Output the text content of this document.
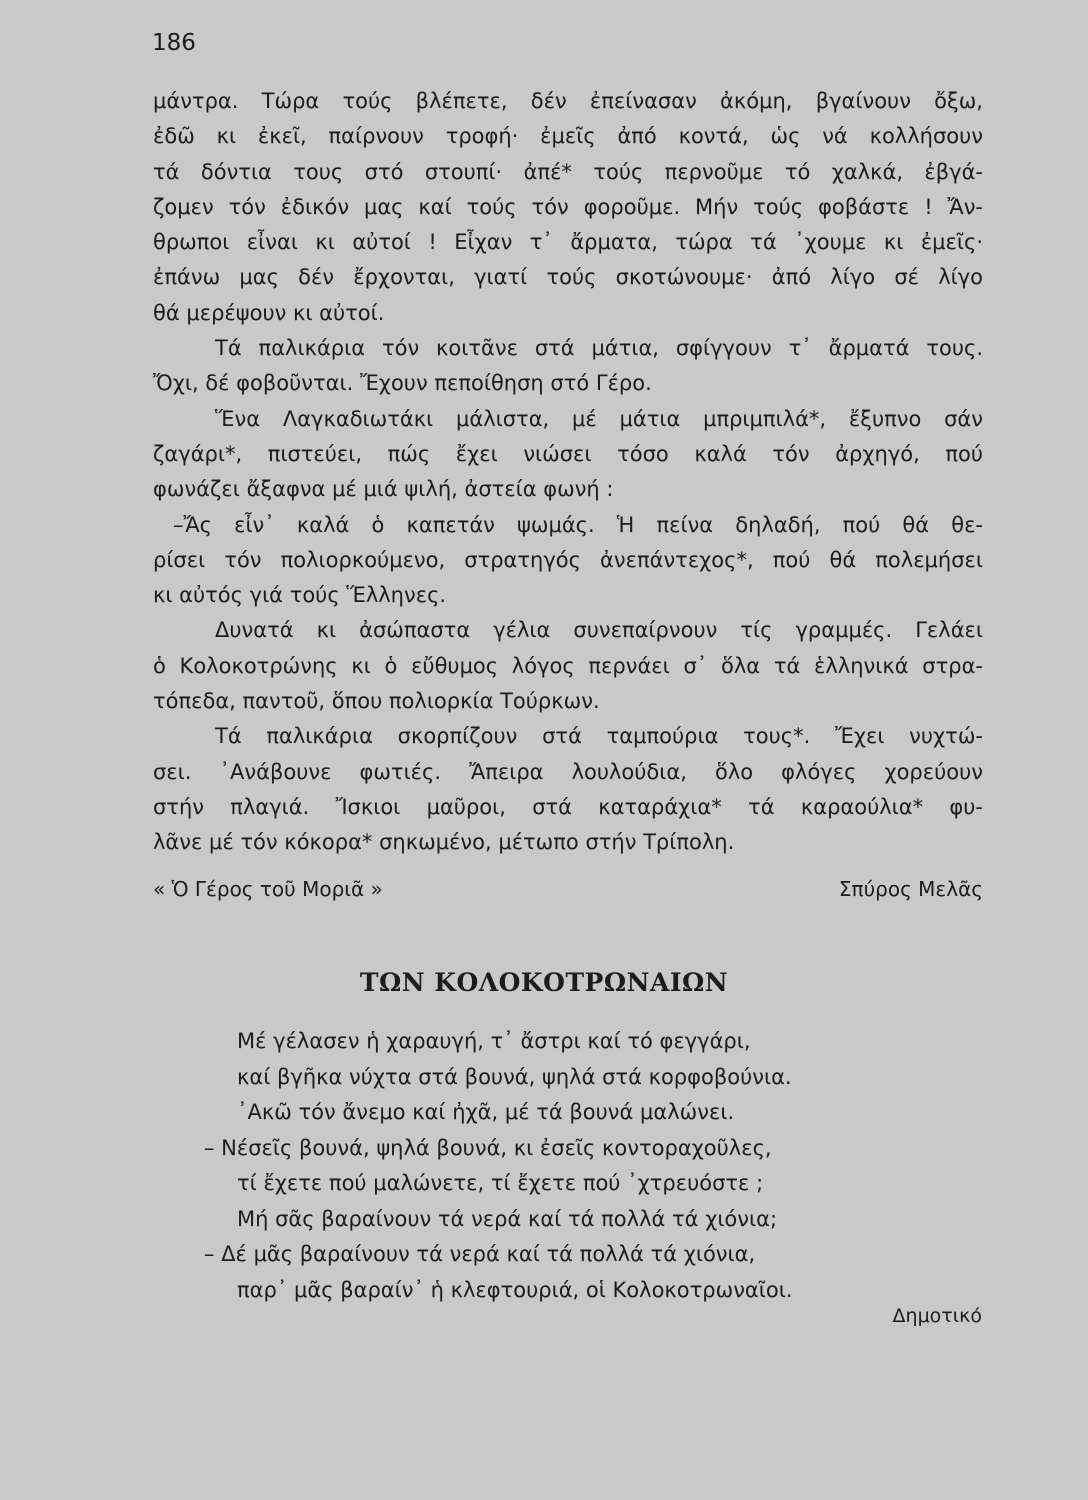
186
μάντρα. Τώρα τούς βλέπετε, δέν ἐπείνασαν ἀκόμη, βγαίνουν ὄξω,
ἐδῶ κι ἐκεῖ, παίρνουν τροφή· ἐμεῖς ἀπό κοντά, ὡς νά κολλήσουν
τά δόντια τους στό στουπί· ἀπέ* τούς περνοῦμε τό χαλκά, ἐβγά-
ζομεν τόν ἐδικόν μας καί τούς τόν φοροῦμε. Μήν τούς φοβάστε ! Ἄν-
θρωποι εἶναι κι αὐτοί ! Εἶχαν τ᾿ ἄρματα, τώρα τά ᾿χουμε κι ἐμεῖς·
ἐπάνω μας δέν ἔρχονται, γιατί τούς σκοτώνουμε· ἀπό λίγο σέ λίγο
θά μερέψουν κι αὐτοί.
Τά παλικάρια τόν κοιτᾶνε στά μάτια, σφίγγουν τ᾿ ἄρματά τους.
Ὄχι, δέ φοβοῦνται. Ἔχουν πεποίθηση στό Γέρο.
Ἕνα Λαγκαδιωτάκι μάλιστα, μέ μάτια μπριμπιλά*, ἔξυπνο σάν
ζαγάρι*, πιστεύει, πώς ἔχει νιώσει τόσο καλά τόν ἀρχηγό, πού
φωνάζει ἄξαφνα μέ μιά ψιλή, ἀστεία φωνή :
–Ἄς εἶν᾿ καλά ὁ καπετάν ψωμάς. Ἡ πείνα δηλαδή, πού θά θε-
ρίσει τόν πολιορκούμενο, στρατηγός ἀνεπάντεχος*, πού θά πολεμήσει
κι αὐτός γιά τούς Ἕλληνες.
Δυνατά κι ἀσώπαστα γέλια συνεπαίρνουν τίς γραμμές. Γελάει
ὁ Κολοκοτρώνης κι ὁ εὔθυμος λόγος περνάει σ᾿ ὅλα τά ἑλληνικά στρα-
τόπεδα, παντοῦ, ὅπου πολιορκία Τούρκων.
Τά παλικάρια σκορπίζουν στά ταμπούρια τους*. Ἔχει νυχτώ-
σει. ᾿Ανάβουνε φωτιές. Ἄπειρα λουλούδια, ὅλο φλόγες χορεύουν
στήν πλαγιά. Ἴσκιοι μαῦροι, στά καταράχια* τά καραούλια* φυ-
λᾶνε μέ τόν κόκορα* σηκωμένο, μέτωπο στήν Τρίπολη.
« Ὁ Γέρος τοῦ Μοριᾶ »	Σπύρος Μελᾶς
ΤΩΝ ΚΟΛΟΚΟΤΡΩΝΑΙΩΝ
Μέ γέλασεν ἡ χαραυγή, τ᾿ ἄστρι καί τό φεγγάρι,
καί βγῆκα νύχτα στά βουνά, ψηλά στά κορφοβούνια.
᾿Ακῶ τόν ἄνεμο καί ἠχᾶ, μέ τά βουνά μαλώνει.
– Νέσεῖς βουνά, ψηλά βουνά, κι ἐσεῖς κοντοραχοῦλες,
τί ἔχετε πού μαλώνετε, τί ἔχετε πού ᾿χτρευόστε ;
Μή σᾶς βαραίνουν τά νερά καί τά πολλά τά χιόνια;
– Δέ μᾶς βαραίνουν τά νερά καί τά πολλά τά χιόνια,
παρ᾿ μᾶς βαραίν᾿ ἡ κλεφτουριά, οἱ Κολοκοτρωναῖοι.
Δημοτικό
